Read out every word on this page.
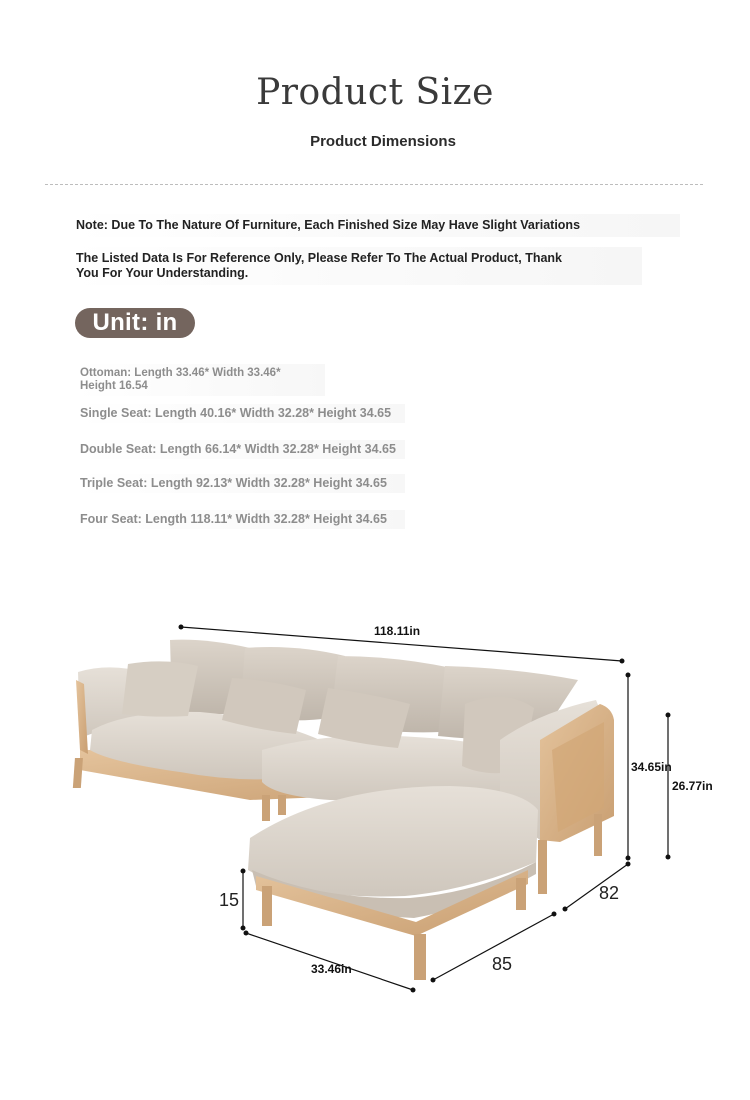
Product Size
Product Dimensions
Note: Due To The Nature Of Furniture, Each Finished Size May Have Slight Variations
The Listed Data Is For Reference Only, Please Refer To The Actual Product, Thank
You For Your Understanding.
Unit: in
Ottoman: Length 33.46* Width 33.46*
Height 16.54
Single Seat: Length 40.16* Width 32.28* Height 34.65
Double Seat: Length 66.14* Width 32.28* Height 34.65
Triple Seat: Length 92.13* Width 32.28* Height 34.65
Four Seat: Length 118.11* Width 32.28* Height 34.65
118.11in
34.65in
26.77in
15
33.46in	85
82
